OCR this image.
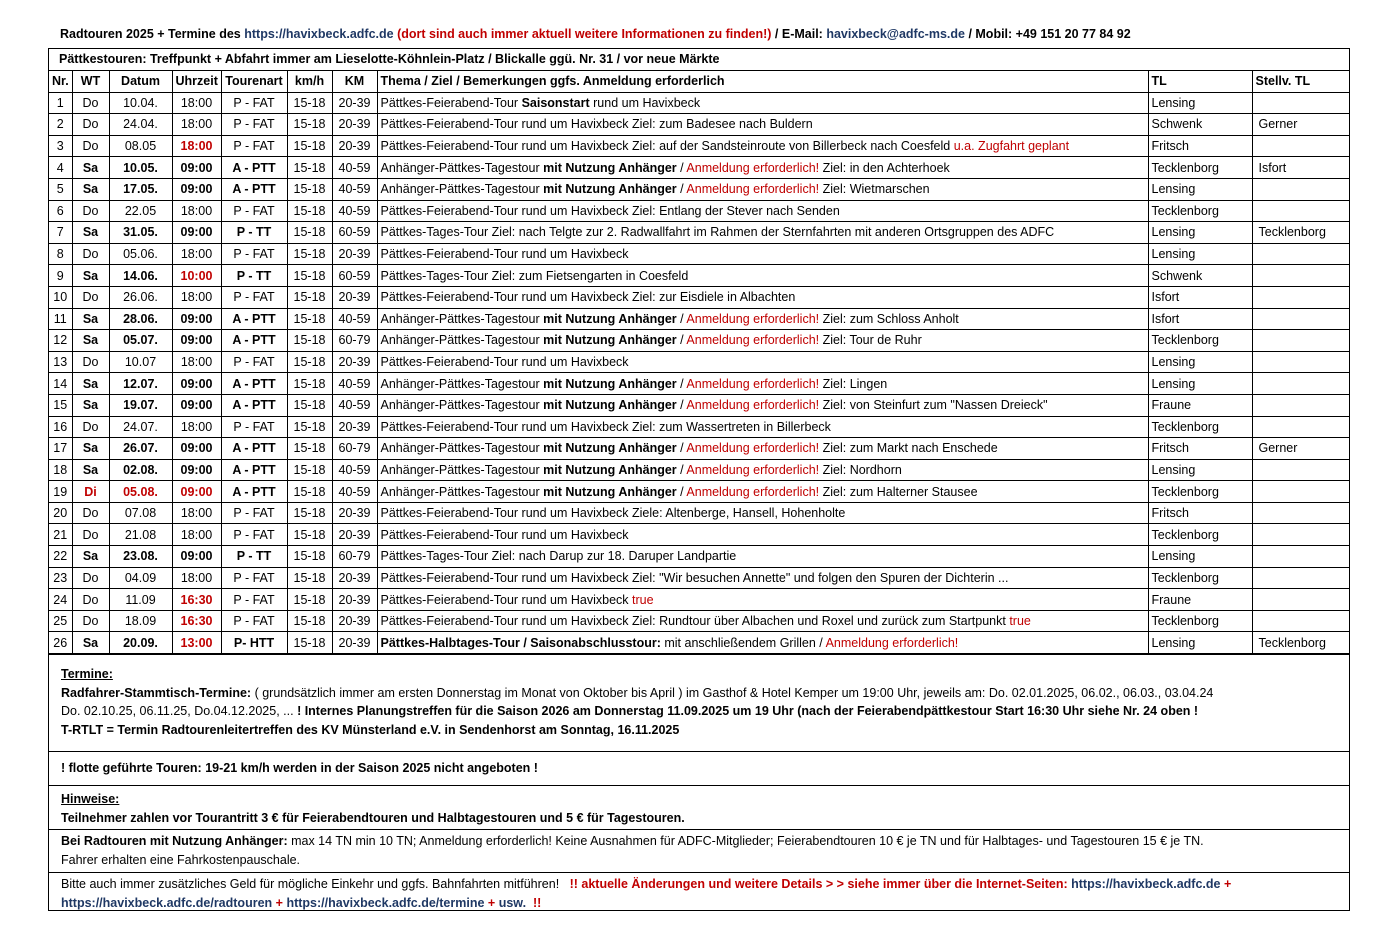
Radtouren 2025 + Termine des https://havixbeck.adfc.de (dort sind auch immer aktuell weitere Informationen zu finden!) / E-Mail: havixbeck@adfc-ms.de / Mobil: +49 151 20 77 84 92
Pättkestouren: Treffpunkt + Abfahrt immer am Lieselotte-Köhnlein-Platz / Blickalle ggü. Nr. 31 / vor neue Märkte
Nr.	WT	Datum	Uhrzeit	Tourenart	km/h	KM	Thema / Ziel / Bemerkungen ggfs. Anmeldung erforderlich	TL	Stellv. TL
1	Do	10.04.	18:00	P - FAT	15-18	20-39	Pättkes-Feierabend-Tour Saisonstart rund um Havixbeck	Lensing	
2	Do	24.04.	18:00	P - FAT	15-18	20-39	Pättkes-Feierabend-Tour rund um Havixbeck Ziel: zum Badesee nach Buldern	Schwenk	Gerner
3	Do	08.05	18:00	P - FAT	15-18	20-39	Pättkes-Feierabend-Tour rund um Havixbeck Ziel: auf der Sandsteinroute von Billerbeck nach Coesfeld u.a. Zugfahrt geplant	Fritsch	
4	Sa	10.05.	09:00	A - PTT	15-18	40-59	Anhänger-Pättkes-Tagestour mit Nutzung Anhänger / Anmeldung erforderlich! Ziel: in den Achterhoek	Tecklenborg	Isfort
5	Sa	17.05.	09:00	A - PTT	15-18	40-59	Anhänger-Pättkes-Tagestour mit Nutzung Anhänger / Anmeldung erforderlich! Ziel: Wietmarschen	Lensing	
6	Do	22.05	18:00	P - FAT	15-18	40-59	Pättkes-Feierabend-Tour rund um Havixbeck Ziel: Entlang der Stever nach Senden	Tecklenborg	
7	Sa	31.05.	09:00	P - TT	15-18	60-59	Pättkes-Tages-Tour Ziel: nach Telgte zur 2. Radwallfahrt im Rahmen der Sternfahrten mit anderen Ortsgruppen des ADFC	Lensing	Tecklenborg
8	Do	05.06.	18:00	P - FAT	15-18	20-39	Pättkes-Feierabend-Tour rund um Havixbeck	Lensing	
9	Sa	14.06.	10:00	P - TT	15-18	60-59	Pättkes-Tages-Tour Ziel: zum Fietsengarten in Coesfeld	Schwenk	
10	Do	26.06.	18:00	P - FAT	15-18	20-39	Pättkes-Feierabend-Tour rund um Havixbeck Ziel: zur Eisdiele in Albachten	Isfort	
11	Sa	28.06.	09:00	A - PTT	15-18	40-59	Anhänger-Pättkes-Tagestour mit Nutzung Anhänger / Anmeldung erforderlich! Ziel: zum Schloss Anholt	Isfort	
12	Sa	05.07.	09:00	A - PTT	15-18	60-79	Anhänger-Pättkes-Tagestour mit Nutzung Anhänger / Anmeldung erforderlich! Ziel: Tour de Ruhr	Tecklenborg	
13	Do	10.07	18:00	P - FAT	15-18	20-39	Pättkes-Feierabend-Tour rund um Havixbeck	Lensing	
14	Sa	12.07.	09:00	A - PTT	15-18	40-59	Anhänger-Pättkes-Tagestour mit Nutzung Anhänger / Anmeldung erforderlich! Ziel: Lingen	Lensing	
15	Sa	19.07.	09:00	A - PTT	15-18	40-59	Anhänger-Pättkes-Tagestour mit Nutzung Anhänger / Anmeldung erforderlich! Ziel: von Steinfurt zum "Nassen Dreieck"	Fraune	
16	Do	24.07.	18:00	P - FAT	15-18	20-39	Pättkes-Feierabend-Tour rund um Havixbeck Ziel: zum Wassertreten in Billerbeck	Tecklenborg	
17	Sa	26.07.	09:00	A - PTT	15-18	60-79	Anhänger-Pättkes-Tagestour mit Nutzung Anhänger / Anmeldung erforderlich! Ziel: zum Markt nach Enschede	Fritsch	Gerner
18	Sa	02.08.	09:00	A - PTT	15-18	40-59	Anhänger-Pättkes-Tagestour mit Nutzung Anhänger / Anmeldung erforderlich! Ziel: Nordhorn	Lensing	
19	Di	05.08.	09:00	A - PTT	15-18	40-59	Anhänger-Pättkes-Tagestour mit Nutzung Anhänger / Anmeldung erforderlich! Ziel: zum Halterner Stausee	Tecklenborg	
20	Do	07.08	18:00	P - FAT	15-18	20-39	Pättkes-Feierabend-Tour rund um Havixbeck Ziele: Altenberge, Hansell, Hohenholte	Fritsch	
21	Do	21.08	18:00	P - FAT	15-18	20-39	Pättkes-Feierabend-Tour rund um Havixbeck	Tecklenborg	
22	Sa	23.08.	09:00	P - TT	15-18	60-79	Pättkes-Tages-Tour Ziel: nach Darup zur 18. Daruper Landpartie	Lensing	
23	Do	04.09	18:00	P - FAT	15-18	20-39	Pättkes-Feierabend-Tour rund um Havixbeck Ziel: "Wir besuchen Annette" und folgen den Spuren der Dichterin ...	Tecklenborg	
24	Do	11.09	16:30	P - FAT	15-18	20-39	Pättkes-Feierabend-Tour rund um Havixbeck true	Fraune	
25	Do	18.09	16:30	P - FAT	15-18	20-39	Pättkes-Feierabend-Tour rund um Havixbeck Ziel: Rundtour über Albachen und Roxel und zurück zum Startpunkt true	Tecklenborg	
26	Sa	20.09.	13:00	P- HTT	15-18	20-39	Pättkes-Halbtages-Tour / Saisonabschlusstour: mit anschließendem Grillen / Anmeldung erforderlich!	Lensing	Tecklenborg
Termine:
Radfahrer-Stammtisch-Termine: ( grundsätzlich immer am ersten Donnerstag im Monat von Oktober bis April ) im Gasthof & Hotel Kemper um 19:00 Uhr, jeweils am: Do. 02.01.2025, 06.02., 06.03., 03.04.24
Do. 02.10.25, 06.11.25, Do.04.12.2025, ... ! Internes Planungstreffen für die Saison 2026 am Donnerstag 11.09.2025 um 19 Uhr (nach der Feierabendpättkestour Start 16:30 Uhr siehe Nr. 24 oben !
T-RTLT = Termin Radtourenleitertreffen des KV Münsterland e.V. in Sendenhorst am Sonntag, 16.11.2025
! flotte geführte Touren: 19-21 km/h werden in der Saison 2025 nicht angeboten !
Hinweise:
Teilnehmer zahlen vor Tourantritt 3 € für Feierabendtouren und Halbtagestouren und 5 € für Tagestouren.
Bei Radtouren mit Nutzung Anhänger: max 14 TN min 10 TN; Anmeldung erforderlich! Keine Ausnahmen für ADFC-Mitglieder; Feierabendtouren 10 € je TN und für Halbtages- und Tagestouren 15 € je TN.
Fahrer erhalten eine Fahrkostenpauschale.
Bitte auch immer zusätzliches Geld für mögliche Einkehr und ggfs. Bahnfahrten mitführen! !! aktuelle Änderungen und weitere Details > > siehe immer über die Internet-Seiten: https://havixbeck.adfc.de +
https://havixbeck.adfc.de/radtouren + https://havixbeck.adfc.de/termine + usw. !!
